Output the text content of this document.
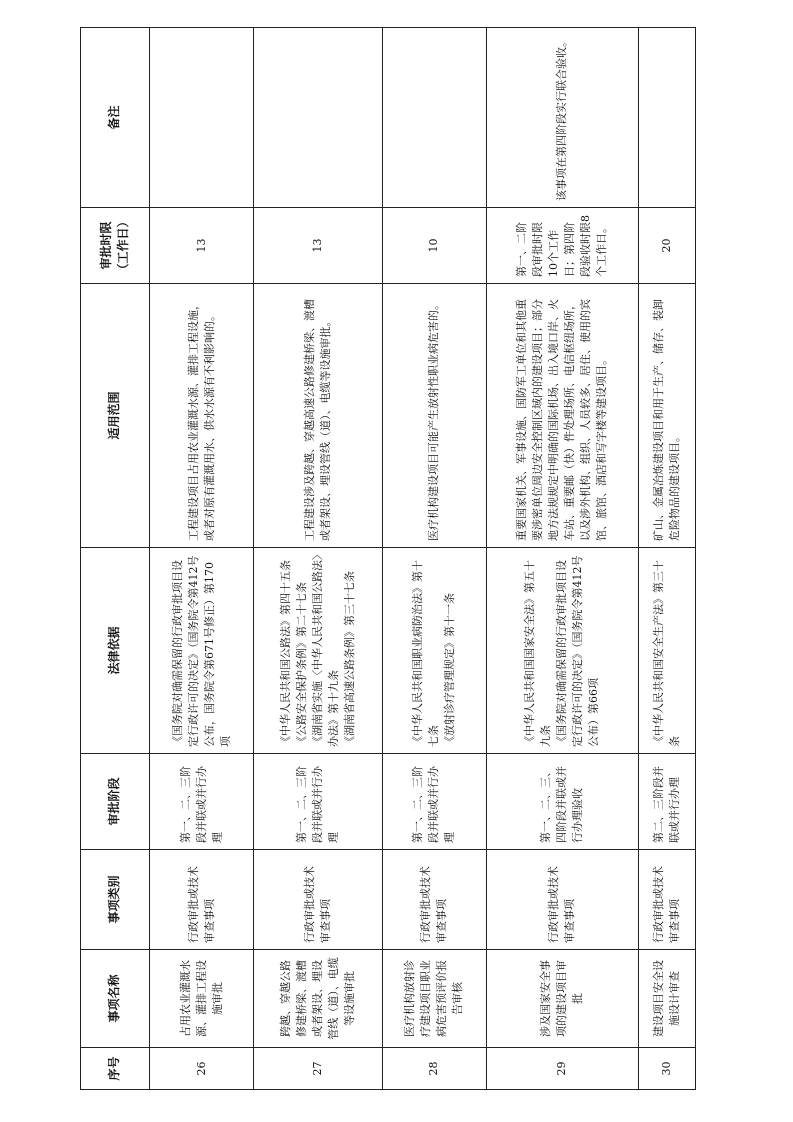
序号	事项名称	事项类别	审批阶段	法律依据	适用范围	审批时限（工作日）	备注
26	占用农业灌溉水源、灌排工程设施审批	行政审批或技术审查事项	第一、二、三阶段并联或并行办理	《国务院对确需保留的行政审批项目设定行政许可的决定》（国务院令第412号公布，国务院令第671号修正）第170项	工程建设项目占用农业灌溉水源、灌排工程设施，或者对原有灌溉用水、供水水源有不利影响的。	13	
27	跨越、穿越公路修建桥梁、渡槽或者架设、埋设管线（道）、电缆等设施审批	行政审批或技术审查事项	第一、二、三阶段并联或并行办理	《中华人民共和国公路法》第四十五条 《公路安全保护条例》第二十七条 《湖南省实施〈中华人民共和国公路法〉办法》第十九条 《湖南省高速公路条例》第三十七条	工程建设涉及跨越、穿越高速公路修建桥梁、渡槽或者架设、埋设管线（道）、电缆等设施审批。	13	
28	医疗机构放射诊疗建设项目职业病危害预评价报告审核	行政审批或技术审查事项	第一、二、三阶段并联或并行办理	《中华人民共和国职业病防治法》第十七条 《放射诊疗管理规定》第十一条	医疗机构建设项目可能产生放射性职业病危害的。	10	
29	涉及国家安全事项的建设项目审批	行政审批或技术审查事项	第一、二、三、四阶段并联或并行办理验收	《中华人民共和国国家安全法》第五十九条 《国务院对确需保留的行政审批项目设定行政许可的决定》（国务院令第412号公布）第66项	重要国家机关、军事设施、国防军工单位和其他重要涉密单位周边安全控制区域内的建设项目；部分地方法规规定中明确的国际机场、出入境口岸、火车站、重要邮（快）件处理场所、电信枢纽场所，以及涉外机构、组织、人员较多、居住、使用的宾馆、旅馆、酒店和写字楼等建设项目。	第一、二阶段审批时限10个工作日；第四阶段验收时限8个工作日。	该事项在第四阶段实行联合验收。
30	建设项目安全设施设计审查	行政审批或技术审查事项	第二、三阶段并联或并行办理	《中华人民共和国安全生产法》第三十条	矿山、金属冶炼建设项目和用于生产、储存、装卸危险物品的建设项目。	20	
